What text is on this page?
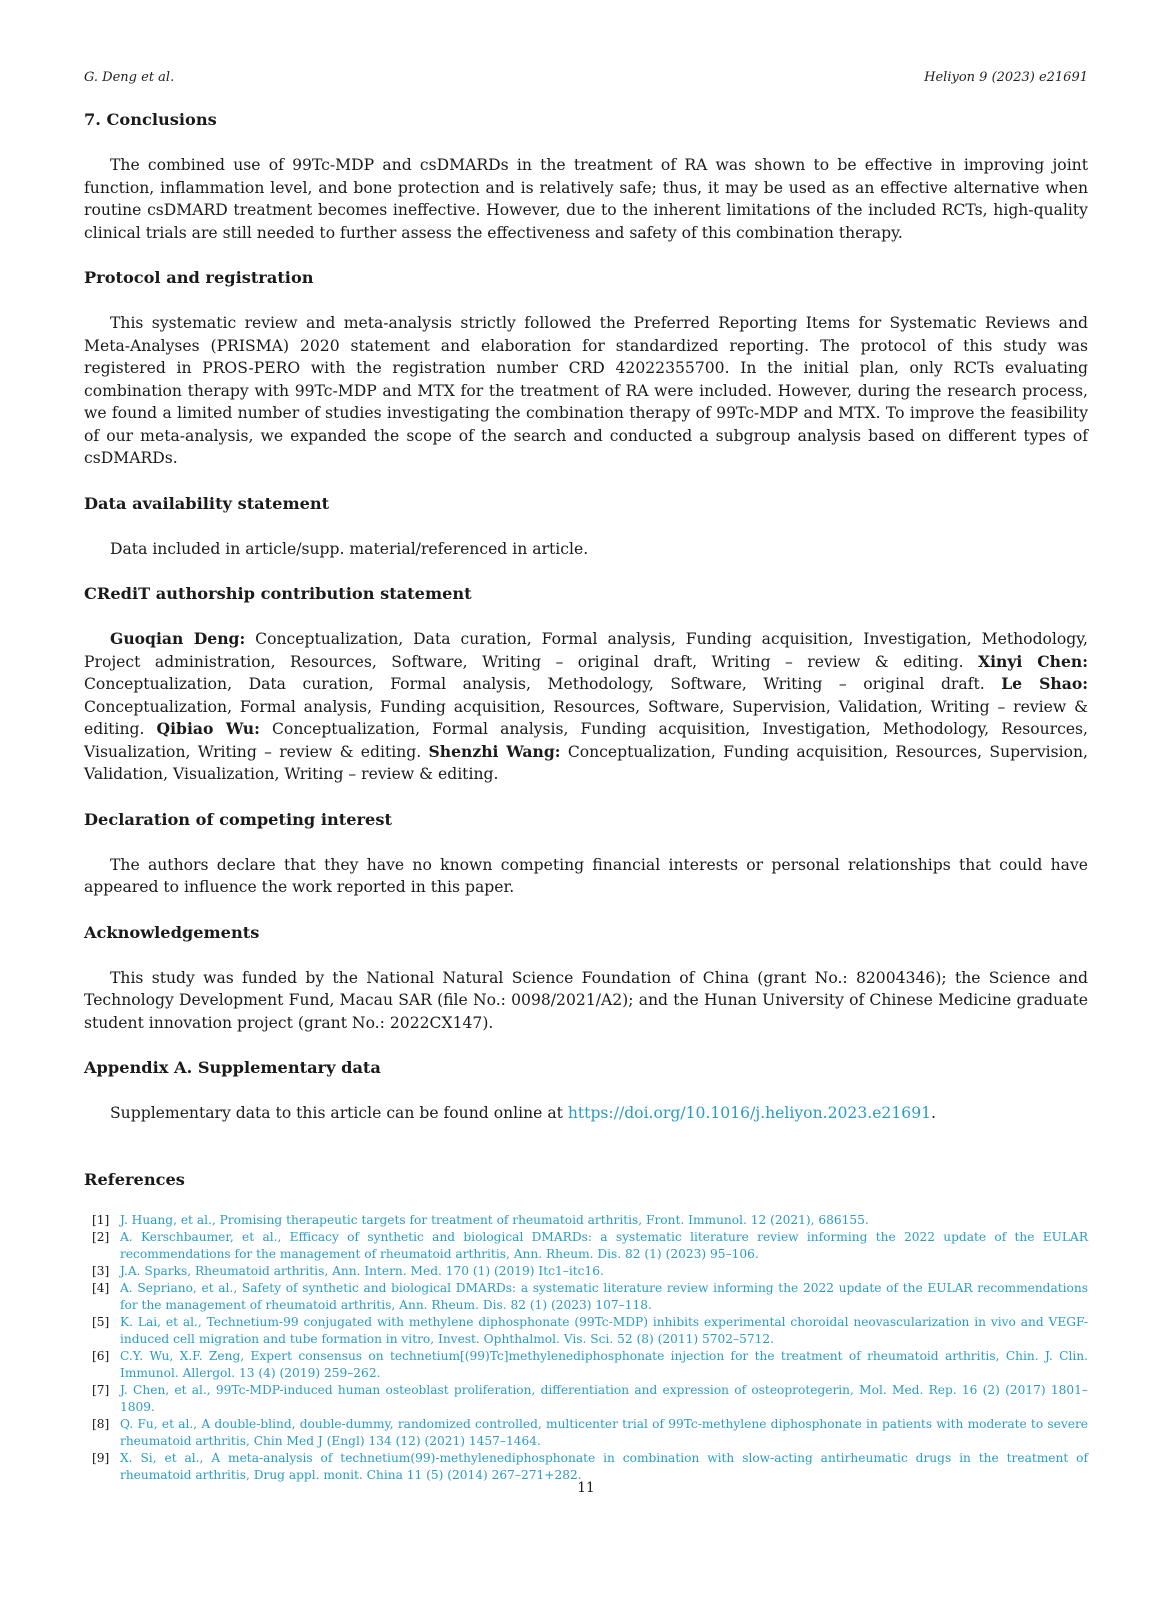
G. Deng et al.	Heliyon 9 (2023) e21691
7. Conclusions

The combined use of 99Tc-MDP and csDMARDs in the treatment of RA was shown to be effective in improving joint function, inflammation level, and bone protection and is relatively safe; thus, it may be used as an effective alternative when routine csDMARD treatment becomes ineffective. However, due to the inherent limitations of the included RCTs, high-quality clinical trials are still needed to further assess the effectiveness and safety of this combination therapy.

Protocol and registration

This systematic review and meta-analysis strictly followed the Preferred Reporting Items for Systematic Reviews and Meta-Analyses (PRISMA) 2020 statement and elaboration for standardized reporting. The protocol of this study was registered in PROS-PERO with the registration number CRD 42022355700. In the initial plan, only RCTs evaluating combination therapy with 99Tc-MDP and MTX for the treatment of RA were included. However, during the research process, we found a limited number of studies investigating the combination therapy of 99Tc-MDP and MTX. To improve the feasibility of our meta-analysis, we expanded the scope of the search and conducted a subgroup analysis based on different types of csDMARDs.

Data availability statement

Data included in article/supp. material/referenced in article.

CRediT authorship contribution statement

Guoqian Deng: Conceptualization, Data curation, Formal analysis, Funding acquisition, Investigation, Methodology, Project administration, Resources, Software, Writing – original draft, Writing – review & editing. Xinyi Chen: Conceptualization, Data curation, Formal analysis, Methodology, Software, Writing – original draft. Le Shao: Conceptualization, Formal analysis, Funding acquisition, Resources, Software, Supervision, Validation, Writing – review & editing. Qibiao Wu: Conceptualization, Formal analysis, Funding acquisition, Investigation, Methodology, Resources, Visualization, Writing – review & editing. Shenzhi Wang: Conceptualization, Funding acquisition, Resources, Supervision, Validation, Visualization, Writing – review & editing.

Declaration of competing interest

The authors declare that they have no known competing financial interests or personal relationships that could have appeared to influence the work reported in this paper.

Acknowledgements

This study was funded by the National Natural Science Foundation of China (grant No.: 82004346); the Science and Technology Development Fund, Macau SAR (file No.: 0098/2021/A2); and the Hunan University of Chinese Medicine graduate student innovation project (grant No.: 2022CX147).

Appendix A. Supplementary data

Supplementary data to this article can be found online at https://doi.org/10.1016/j.heliyon.2023.e21691.

References
[1] J. Huang, et al., Promising therapeutic targets for treatment of rheumatoid arthritis, Front. Immunol. 12 (2021), 686155.
[2] A. Kerschbaumer, et al., Efficacy of synthetic and biological DMARDs: a systematic literature review informing the 2022 update of the EULAR recommendations for the management of rheumatoid arthritis, Ann. Rheum. Dis. 82 (1) (2023) 95–106.
[3] J.A. Sparks, Rheumatoid arthritis, Ann. Intern. Med. 170 (1) (2019) Itc1–itc16.
[4] A. Sepriano, et al., Safety of synthetic and biological DMARDs: a systematic literature review informing the 2022 update of the EULAR recommendations for the management of rheumatoid arthritis, Ann. Rheum. Dis. 82 (1) (2023) 107–118.
[5] K. Lai, et al., Technetium-99 conjugated with methylene diphosphonate (99Tc-MDP) inhibits experimental choroidal neovascularization in vivo and VEGF-induced cell migration and tube formation in vitro, Invest. Ophthalmol. Vis. Sci. 52 (8) (2011) 5702–5712.
[6] C.Y. Wu, X.F. Zeng, Expert consensus on technetium[(99)Tc]methylenediphosphonate injection for the treatment of rheumatoid arthritis, Chin. J. Clin. Immunol. Allergol. 13 (4) (2019) 259–262.
[7] J. Chen, et al., 99Tc-MDP-induced human osteoblast proliferation, differentiation and expression of osteoprotegerin, Mol. Med. Rep. 16 (2) (2017) 1801–1809.
[8] Q. Fu, et al., A double-blind, double-dummy, randomized controlled, multicenter trial of 99Tc-methylene diphosphonate in patients with moderate to severe rheumatoid arthritis, Chin Med J (Engl) 134 (12) (2021) 1457–1464.
[9] X. Si, et al., A meta-analysis of technetium(99)-methylenediphosphonate in combination with slow-acting antirheumatic drugs in the treatment of rheumatoid arthritis, Drug appl. monit. China 11 (5) (2014) 267–271+282.
11
